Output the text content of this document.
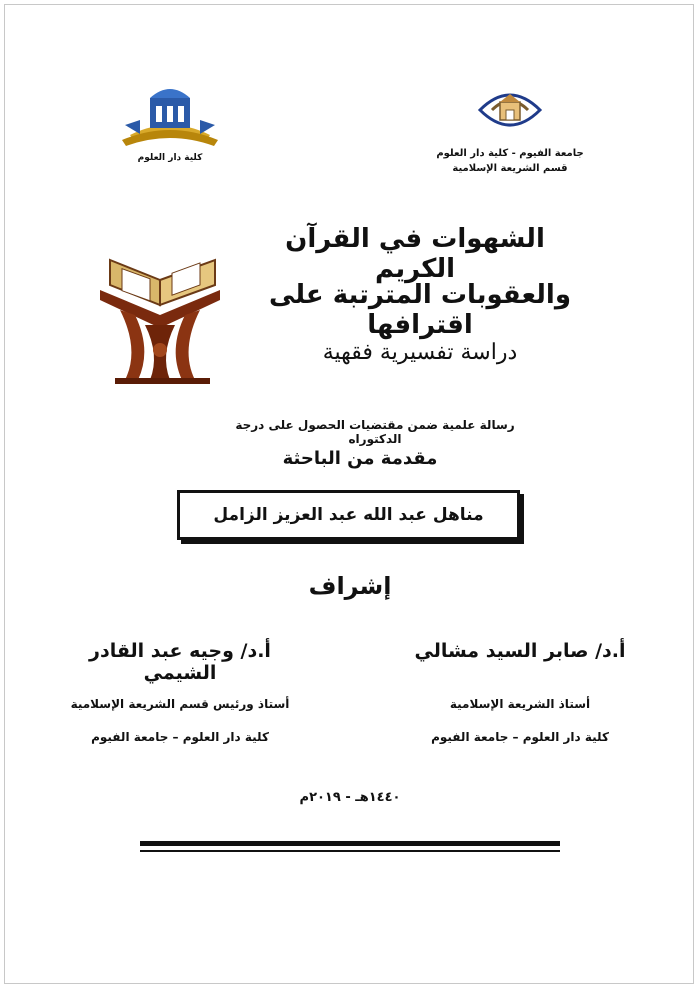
كلية دار العلوم	جامعة الفيوم - كلية دار العلوم
قسم الشريعة الإسلامية
الشهوات في القرآن الكريم
والعقوبات المترتبة على اقترافها
دراسة تفسيرية فقهية
رسالة علمية ضمن مقتضيات الحصول على درجة الدكتوراه
مقدمة من الباحثة
مناهل عبد الله عبد العزيز الزامل
إشراف
أ.د/ صابر السيد مشالي
أستاذ الشريعة الإسلامية
كلية دار العلوم – جامعة الفيوم
أ.د/ وجيه عبد القادر الشيمي
أستاذ ورئيس قسم الشريعة الإسلامية
كلية دار العلوم – جامعة الفيوم
١٤٤٠هـ - ٢٠١٩م
